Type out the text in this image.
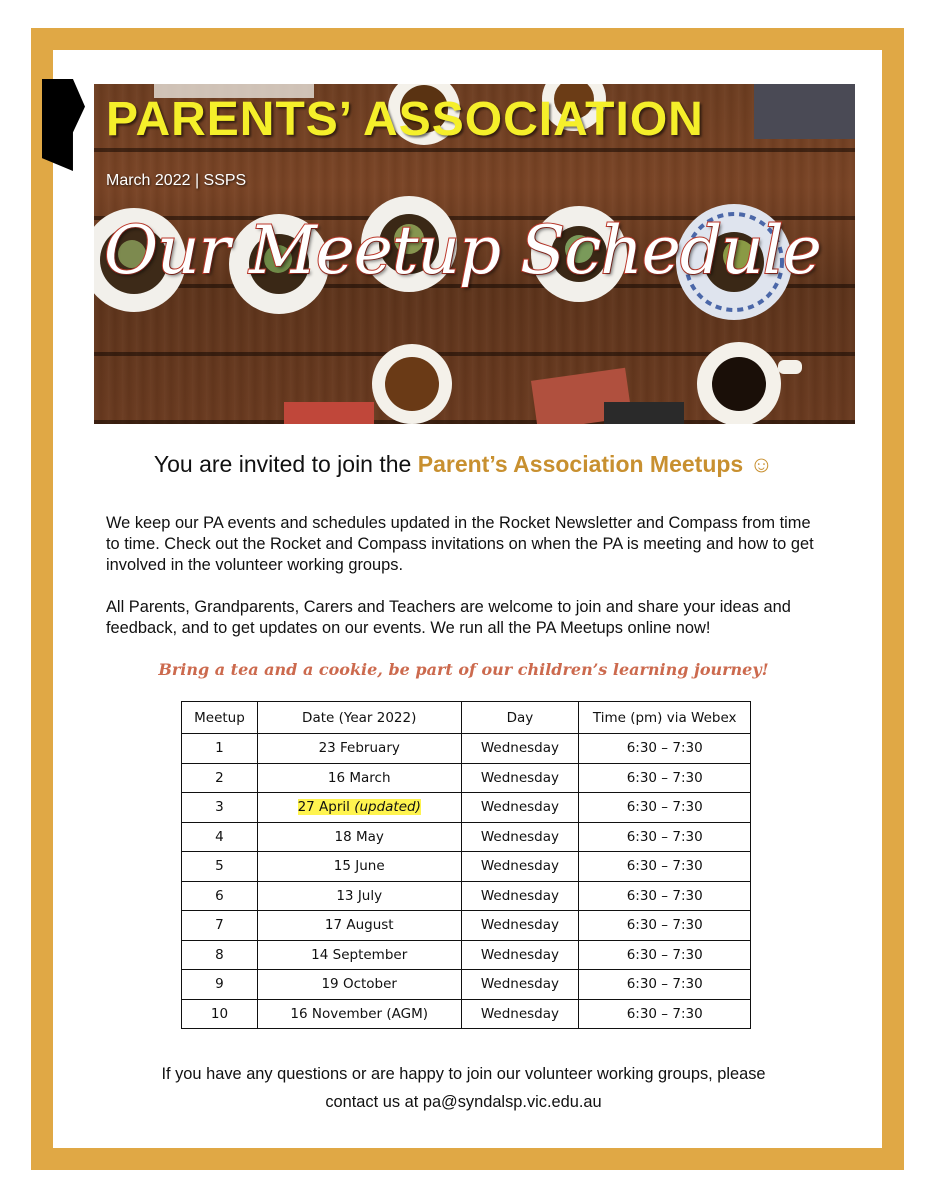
PARENTS’ ASSOCIATION
March 2022 | SSPS
Our Meetup Schedule
You are invited to join the Parent’s Association Meetups ☺

We keep our PA events and schedules updated in the Rocket Newsletter and Compass from time to time. Check out the Rocket and Compass invitations on when the PA is meeting and how to get involved in the volunteer working groups.

All Parents, Grandparents, Carers and Teachers are welcome to join and share your ideas and feedback, and to get updates on our events. We run all the PA Meetups online now!

Bring a tea and a cookie, be part of our children’s learning journey!
Meetup	Date (Year 2022)	Day	Time (pm) via Webex
1	23 February	Wednesday	6:30 – 7:30
2	16 March	Wednesday	6:30 – 7:30
3	27 April (updated)	Wednesday	6:30 – 7:30
4	18 May	Wednesday	6:30 – 7:30
5	15 June	Wednesday	6:30 – 7:30
6	13 July	Wednesday	6:30 – 7:30
7	17 August	Wednesday	6:30 – 7:30
8	14 September	Wednesday	6:30 – 7:30
9	19 October	Wednesday	6:30 – 7:30
10	16 November (AGM)	Wednesday	6:30 – 7:30
If you have any questions or are happy to join our volunteer working groups, please
contact us at pa@syndalsp.vic.edu.au
